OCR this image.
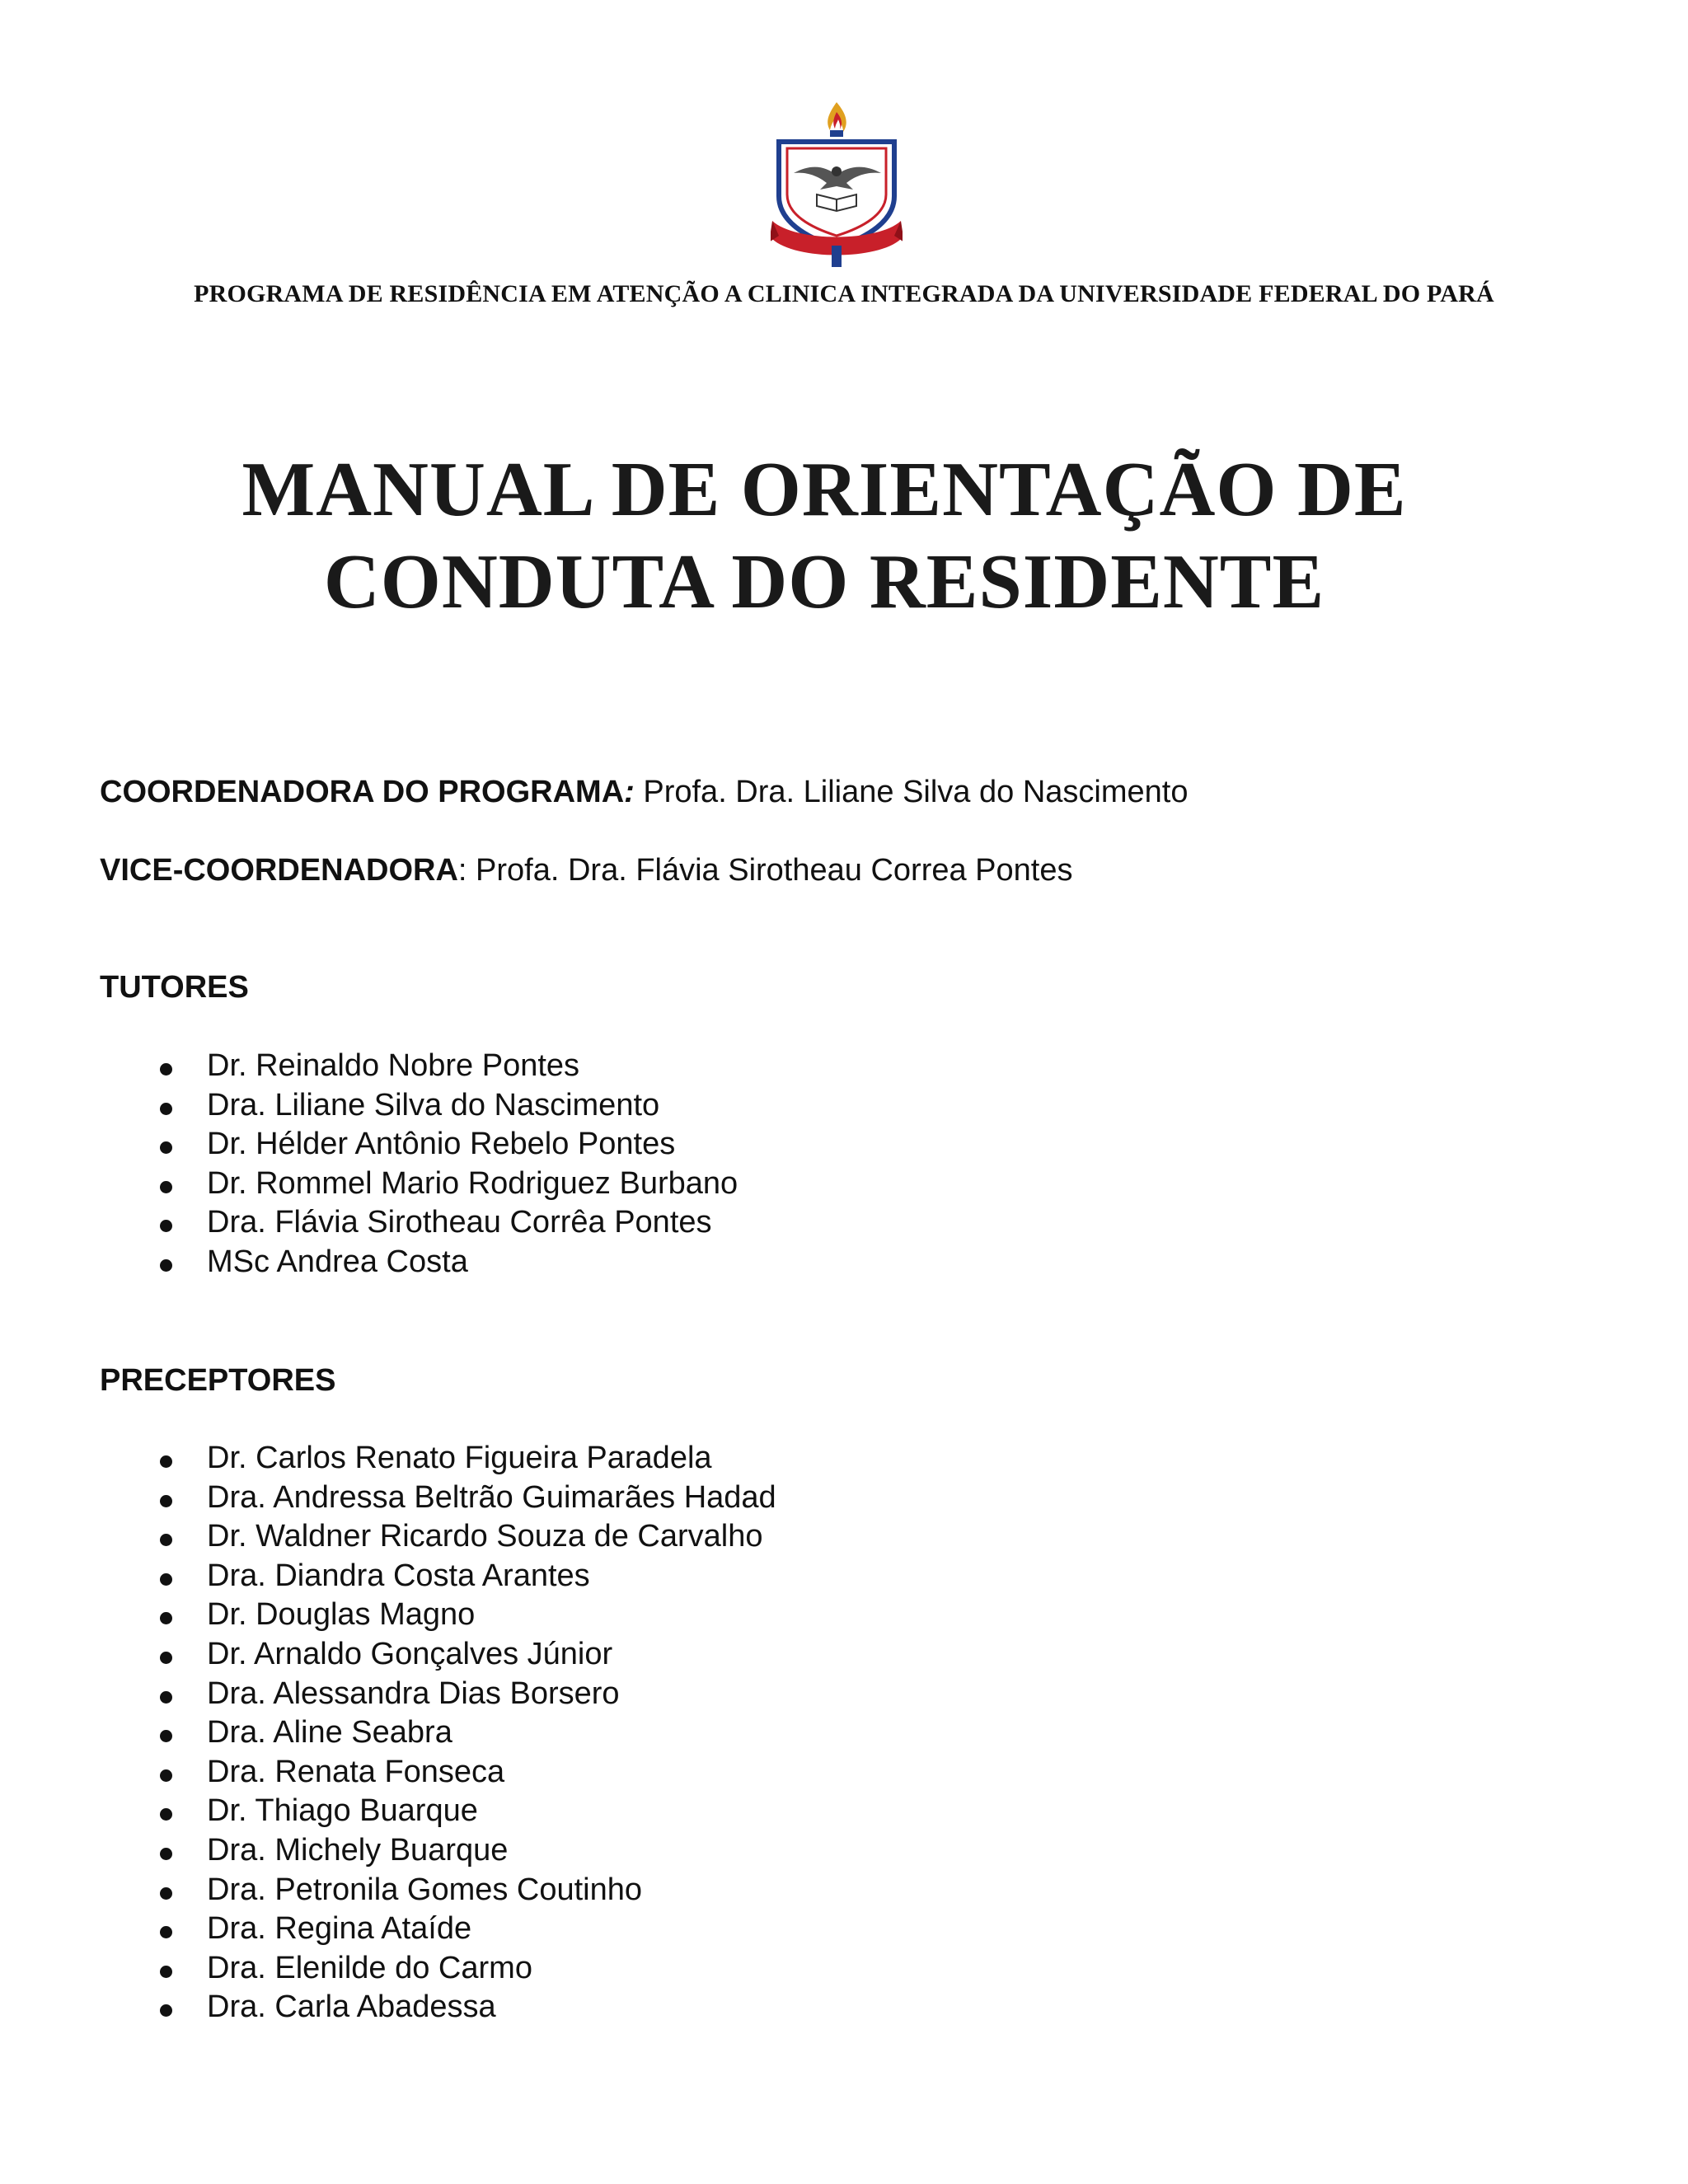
PROGRAMA DE RESIDÊNCIA EM ATENÇÃO A CLINICA INTEGRADA DA UNIVERSIDADE FEDERAL DO PARÁ
MANUAL DE ORIENTAÇÃO DE
CONDUTA DO RESIDENTE
COORDENADORA DO PROGRAMA: Profa. Dra. Liliane Silva do Nascimento
VICE-COORDENADORA: Profa. Dra. Flávia Sirotheau Correa Pontes
TUTORES
Dr. Reinaldo Nobre Pontes
Dra. Liliane Silva do Nascimento
Dr. Hélder Antônio Rebelo Pontes
Dr. Rommel Mario Rodriguez Burbano
Dra. Flávia Sirotheau Corrêa Pontes
MSc Andrea Costa
PRECEPTORES
Dr. Carlos Renato Figueira Paradela
Dra. Andressa Beltrão Guimarães Hadad
Dr. Waldner Ricardo Souza de Carvalho
Dra. Diandra Costa Arantes
Dr. Douglas Magno
Dr. Arnaldo Gonçalves Júnior
Dra. Alessandra Dias Borsero
Dra. Aline Seabra
Dra. Renata Fonseca
Dr. Thiago Buarque
Dra. Michely Buarque
Dra. Petronila Gomes Coutinho
Dra. Regina Ataíde
Dra. Elenilde do Carmo
Dra. Carla Abadessa
